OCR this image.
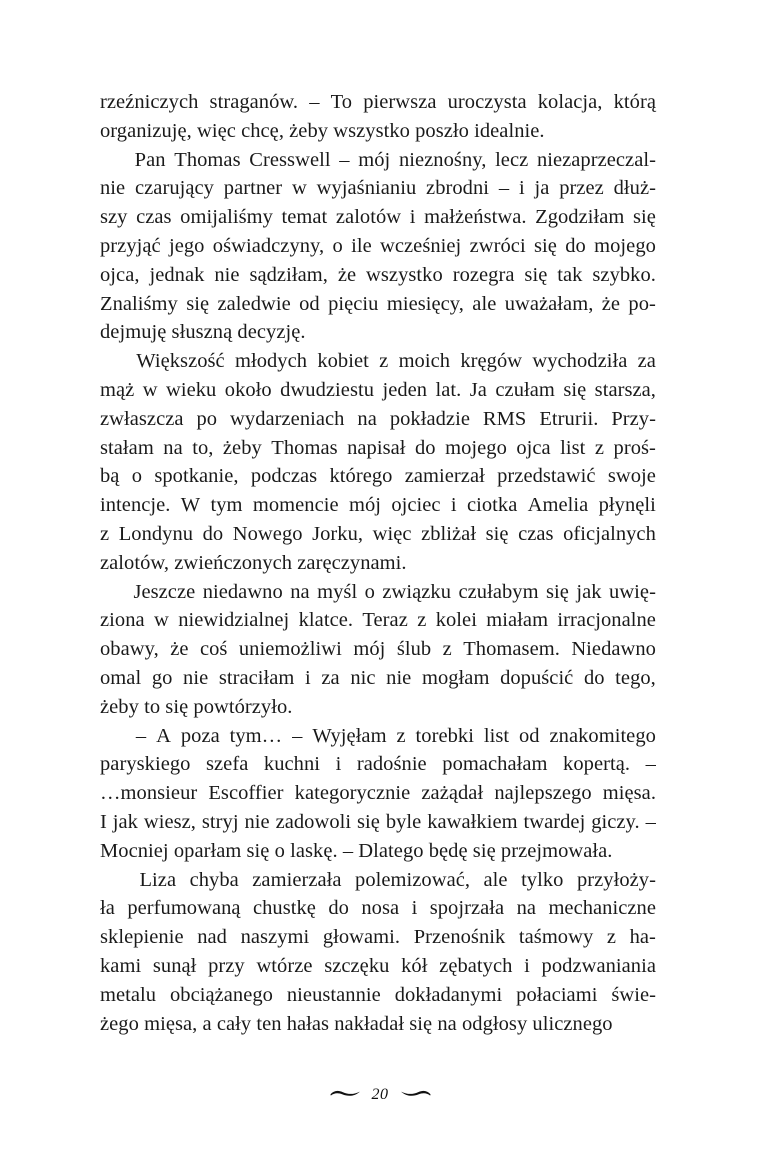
rzeźniczych straganów. – To pierwsza uroczysta kolacja, którą
organizuję, więc chcę, żeby wszystko poszło idealnie.
Pan Thomas Cresswell – mój nieznośny, lecz niezaprzeczal-
nie czarujący partner w wyjaśnianiu zbrodni – i ja przez dłuż-
szy czas omijaliśmy temat zalotów i małżeństwa. Zgodziłam się
przyjąć jego oświadczyny, o ile wcześniej zwróci się do mojego
ojca, jednak nie sądziłam, że wszystko rozegra się tak szybko.
Znaliśmy się zaledwie od pięciu miesięcy, ale uważałam, że po-
dejmuję słuszną decyzję.
Większość młodych kobiet z moich kręgów wychodziła za
mąż w wieku około dwudziestu jeden lat. Ja czułam się starsza,
zwłaszcza po wydarzeniach na pokładzie RMS Etrurii. Przy-
stałam na to, żeby Thomas napisał do mojego ojca list z proś-
bą o spotkanie, podczas którego zamierzał przedstawić swoje
intencje. W tym momencie mój ojciec i ciotka Amelia płynęli
z Londynu do Nowego Jorku, więc zbliżał się czas oficjalnych
zalotów, zwieńczonych zaręczynami.
Jeszcze niedawno na myśl o związku czułabym się jak uwię-
ziona w niewidzialnej klatce. Teraz z kolei miałam irracjonalne
obawy, że coś uniemożliwi mój ślub z Thomasem. Niedawno
omal go nie straciłam i za nic nie mogłam dopuścić do tego,
żeby to się powtórzyło.
– A poza tym… – Wyjęłam z torebki list od znakomitego
paryskiego szefa kuchni i radośnie pomachałam kopertą. –
…monsieur Escoffier kategorycznie zażądał najlepszego mięsa.
I jak wiesz, stryj nie zadowoli się byle kawałkiem twardej giczy. –
Mocniej oparłam się o laskę. – Dlatego będę się przejmowała.
Liza chyba zamierzała polemizować, ale tylko przyłoży-
ła perfumowaną chustkę do nosa i spojrzała na mechaniczne
sklepienie nad naszymi głowami. Przenośnik taśmowy z ha-
kami sunął przy wtórze szczęku kół zębatych i podzwaniania
metalu obciążanego nieustannie dokładanymi połaciami świe-
żego mięsa, a cały ten hałas nakładał się na odgłosy ulicznego
20
